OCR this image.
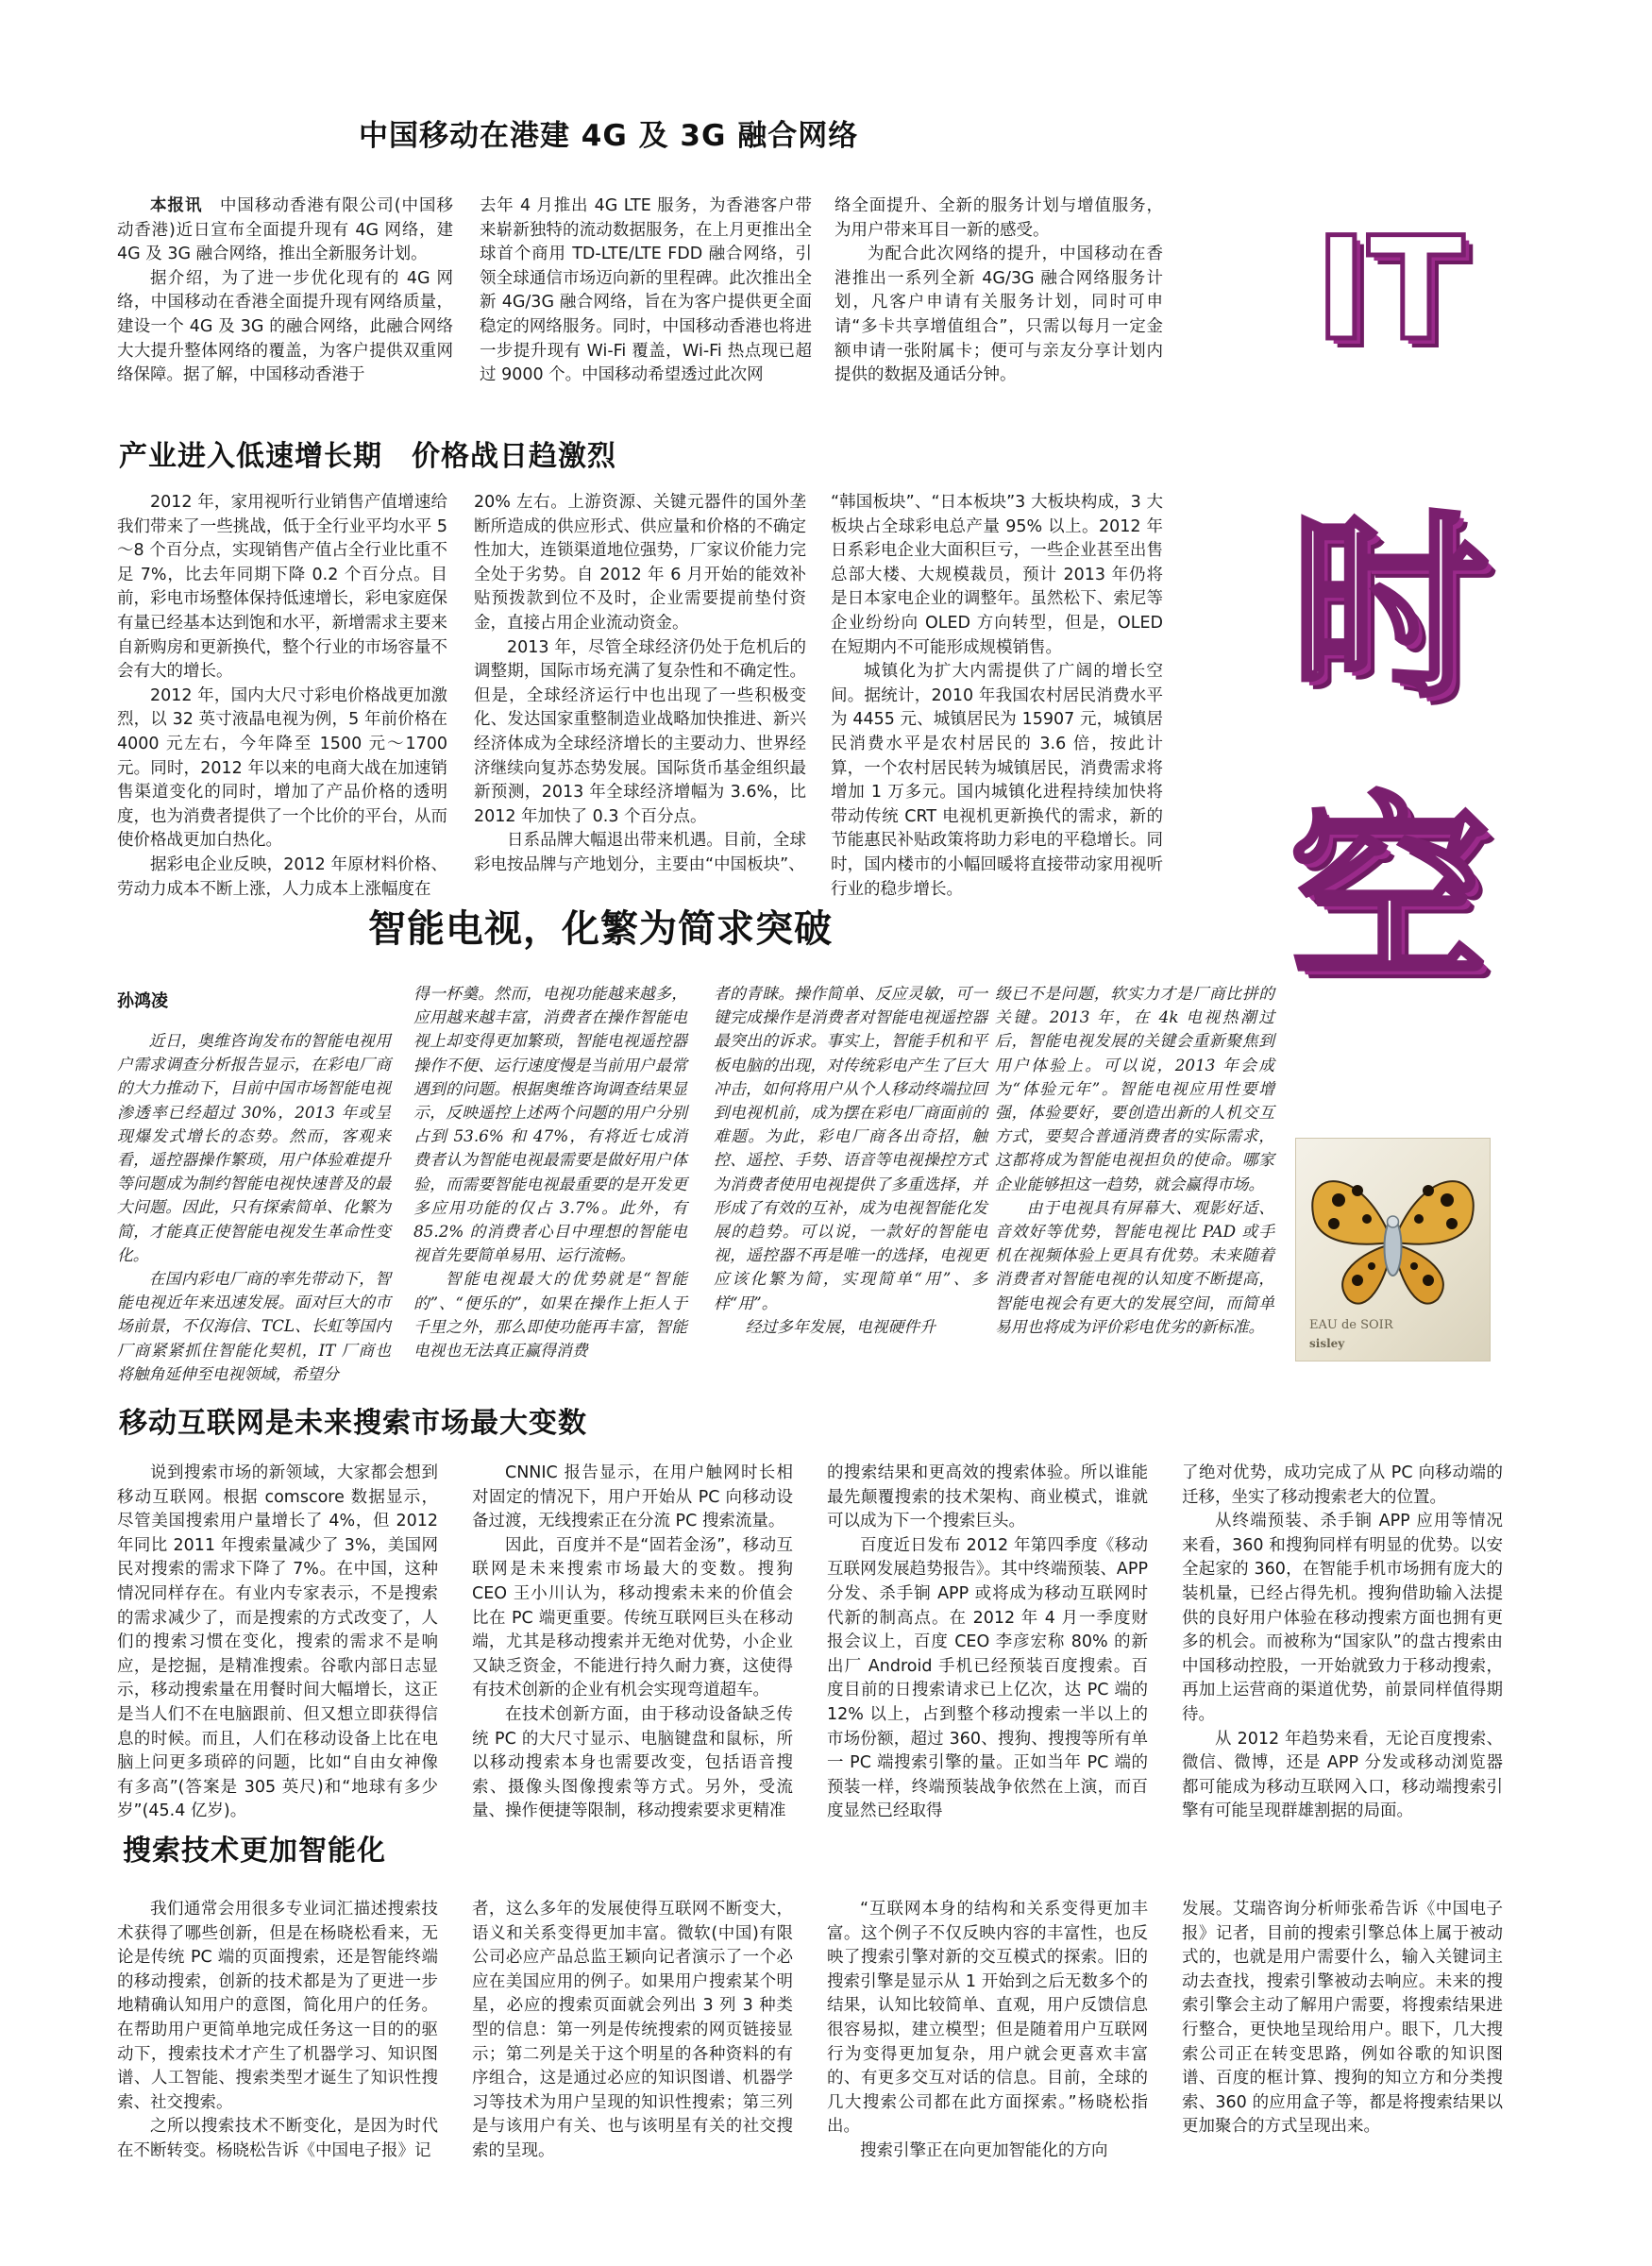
中国移动在港建 4G 及 3G 融合网络

本报讯　 中国移动香港有限公司(中国移动香港)近日宣布全面提升现有 4G 网络，建 4G 及 3G 融合网络，推出全新服务计划。

据介绍，为了进一步优化现有的 4G 网络，中国移动在香港全面提升现有网络质量，建设一个 4G 及 3G 的融合网络，此融合网络大大提升整体网络的覆盖，为客户提供双重网络保障。据了解，中国移动香港于

去年 4 月推出 4G LTE 服务，为香港客户带来崭新独特的流动数据服务，在上月更推出全球首个商用 TD-LTE/LTE FDD 融合网络，引领全球通信市场迈向新的里程碑。此次推出全新 4G/3G 融合网络，旨在为客户提供更全面稳定的网络服务。同时，中国移动香港也将进一步提升现有 Wi-Fi 覆盖，Wi-Fi 热点现已超过 9000 个。中国移动希望透过此次网

络全面提升、全新的服务计划与增值服务，为用户带来耳目一新的感受。

为配合此次网络的提升，中国移动在香港推出一系列全新 4G/3G 融合网络服务计划，凡客户申请有关服务计划，同时可申请“多卡共享增值组合”，只需以每月一定金额申请一张附属卡；便可与亲友分享计划内提供的数据及通话分钟。

IT
时
空
产业进入低速增长期　价格战日趋激烈

2012 年，家用视听行业销售产值增速给我们带来了一些挑战，低于全行业平均水平 5～8 个百分点，实现销售产值占全行业比重不足 7%，比去年同期下降 0.2 个百分点。目前，彩电市场整体保持低速增长，彩电家庭保有量已经基本达到饱和水平，新增需求主要来自新购房和更新换代，整个行业的市场容量不会有大的增长。

2012 年，国内大尺寸彩电价格战更加激烈，以 32 英寸液晶电视为例，5 年前价格在 4000 元左右，今年降至 1500 元～1700 元。同时，2012 年以来的电商大战在加速销售渠道变化的同时，增加了产品价格的透明度，也为消费者提供了一个比价的平台，从而使价格战更加白热化。

据彩电企业反映，2012 年原材料价格、劳动力成本不断上涨，人力成本上涨幅度在

20% 左右。上游资源、关键元器件的国外垄断所造成的供应形式、供应量和价格的不确定性加大，连锁渠道地位强势，厂家议价能力完全处于劣势。自 2012 年 6 月开始的能效补贴预拨款到位不及时，企业需要提前垫付资金，直接占用企业流动资金。

2013 年，尽管全球经济仍处于危机后的调整期，国际市场充满了复杂性和不确定性。但是，全球经济运行中也出现了一些积极变化、发达国家重整制造业战略加快推进、新兴经济体成为全球经济增长的主要动力、世界经济继续向复苏态势发展。国际货币基金组织最新预测，2013 年全球经济增幅为 3.6%，比 2012 年加快了 0.3 个百分点。

日系品牌大幅退出带来机遇。目前，全球彩电按品牌与产地划分，主要由“中国板块”、

“韩国板块”、“日本板块”3 大板块构成，3 大板块占全球彩电总产量 95% 以上。2012 年日系彩电企业大面积巨亏，一些企业甚至出售总部大楼、大规模裁员，预计 2013 年仍将是日本家电企业的调整年。虽然松下、索尼等企业纷纷向 OLED 方向转型，但是，OLED 在短期内不可能形成规模销售。

城镇化为扩大内需提供了广阔的增长空间。据统计，2010 年我国农村居民消费水平为 4455 元、城镇居民为 15907 元，城镇居民消费水平是农村居民的 3.6 倍，按此计算，一个农村居民转为城镇居民，消费需求将增加 1 万多元。国内城镇化进程持续加快将带动传统 CRT 电视机更新换代的需求，新的节能惠民补贴政策将助力彩电的平稳增长。同时，国内楼市的小幅回暖将直接带动家用视听行业的稳步增长。

智能电视，化繁为简求突破
孙鸿凌

近日，奥维咨询发布的智能电视用户需求调查分析报告显示，在彩电厂商的大力推动下，目前中国市场智能电视渗透率已经超过 30%，2013 年或呈现爆发式增长的态势。然而，客观来看，遥控器操作繁琐，用户体验难提升等问题成为制约智能电视快速普及的最大问题。因此，只有探索简单、化繁为简，才能真正使智能电视发生革命性变化。

在国内彩电厂商的率先带动下，智能电视近年来迅速发展。面对巨大的市场前景，不仅海信、TCL、长虹等国内厂商紧紧抓住智能化契机，IT 厂商也将触角延伸至电视领域，希望分

得一杯羹。然而，电视功能越来越多，应用越来越丰富，消费者在操作智能电视上却变得更加繁琐，智能电视遥控器操作不便、运行速度慢是当前用户最常遇到的问题。根据奥维咨询调查结果显示，反映遥控上述两个问题的用户分别占到 53.6% 和 47%，有将近七成消费者认为智能电视最需要是做好用户体验，而需要智能电视最重要的是开发更多应用功能的仅占 3.7%。此外，有 85.2% 的消费者心目中理想的智能电视首先要简单易用、运行流畅。

智能电视最大的优势就是“智能的”、“便乐的”，如果在操作上拒人于千里之外，那么即使功能再丰富，智能电视也无法真正赢得消费

者的青睐。操作简单、反应灵敏，可一键完成操作是消费者对智能电视遥控器最突出的诉求。事实上，智能手机和平板电脑的出现，对传统彩电产生了巨大冲击，如何将用户从个人移动终端拉回到电视机前，成为摆在彩电厂商面前的难题。为此，彩电厂商各出奇招，触控、遥控、手势、语音等电视操控方式为消费者使用电视提供了多重选择，并形成了有效的互补，成为电视智能化发展的趋势。可以说，一款好的智能电视，遥控器不再是唯一的选择，电视更应该化繁为简，实现简单“用”、多样“用”。

经过多年发展，电视硬件升

级已不是问题，软实力才是厂商比拼的关键。2013 年，在 4k 电视热潮过后，智能电视发展的关键会重新聚焦到用户体验上。可以说，2013 年会成为“体验元年”。智能电视应用性要增强，体验要好，要创造出新的人机交互方式，要契合普通消费者的实际需求，这都将成为智能电视担负的使命。哪家企业能够担这一趋势，就会赢得市场。

由于电视具有屏幕大、观影好适、音效好等优势，智能电视比 PAD 或手机在视频体验上更具有优势。未来随着消费者对智能电视的认知度不断提高，智能电视会有更大的发展空间，而简单易用也将成为评价彩电优劣的新标准。	EAU de SOIR
sisley
移动互联网是未来搜索市场最大变数

说到搜索市场的新领域，大家都会想到移动互联网。根据 comscore 数据显示，尽管美国搜索用户量增长了 4%，但 2012 年同比 2011 年搜索量减少了 3%，美国网民对搜索的需求下降了 7%。在中国，这种情况同样存在。有业内专家表示，不是搜索的需求减少了，而是搜索的方式改变了，人们的搜索习惯在变化，搜索的需求不是响应，是挖掘，是精准搜索。谷歌内部日志显示，移动搜索量在用餐时间大幅增长，这正是当人们不在电脑跟前、但又想立即获得信息的时候。而且，人们在移动设备上比在电脑上问更多琐碎的问题，比如“自由女神像有多高”(答案是 305 英尺)和“地球有多少岁”(45.4 亿岁)。

CNNIC 报告显示，在用户触网时长相对固定的情况下，用户开始从 PC 向移动设备过渡，无线搜索正在分流 PC 搜索流量。

因此，百度并不是“固若金汤”，移动互联网是未来搜索市场最大的变数。搜狗 CEO 王小川认为，移动搜索未来的价值会比在 PC 端更重要。传统互联网巨头在移动端，尤其是移动搜索并无绝对优势，小企业又缺乏资金，不能进行持久耐力赛，这使得有技术创新的企业有机会实现弯道超车。

在技术创新方面，由于移动设备缺乏传统 PC 的大尺寸显示、电脑键盘和鼠标，所以移动搜索本身也需要改变，包括语音搜索、摄像头图像搜索等方式。另外，受流量、操作便捷等限制，移动搜索要求更精准

的搜索结果和更高效的搜索体验。所以谁能最先颠覆搜索的技术架构、商业模式，谁就可以成为下一个搜索巨头。

百度近日发布 2012 年第四季度《移动互联网发展趋势报告》。其中终端预装、APP 分发、杀手锏 APP 或将成为移动互联网时代新的制高点。在 2012 年 4 月一季度财报会议上，百度 CEO 李彦宏称 80% 的新出厂 Android 手机已经预装百度搜索。百度目前的日搜索请求已上亿次，达 PC 端的 12% 以上，占到整个移动搜索一半以上的市场份额，超过 360、搜狗、搜搜等所有单一 PC 端搜索引擎的量。正如当年 PC 端的预装一样，终端预装战争依然在上演，而百度显然已经取得

了绝对优势，成功完成了从 PC 向移动端的迁移，坐实了移动搜索老大的位置。

从终端预装、杀手锏 APP 应用等情况来看，360 和搜狗同样有明显的优势。以安全起家的 360，在智能手机市场拥有庞大的装机量，已经占得先机。搜狗借助输入法提供的良好用户体验在移动搜索方面也拥有更多的机会。而被称为“国家队”的盘古搜索由中国移动控股，一开始就致力于移动搜索，再加上运营商的渠道优势，前景同样值得期待。

从 2012 年趋势来看，无论百度搜索、微信、微博，还是 APP 分发或移动浏览器都可能成为移动互联网入口，移动端搜索引擎有可能呈现群雄割据的局面。

搜索技术更加智能化

我们通常会用很多专业词汇描述搜索技术获得了哪些创新，但是在杨晓松看来，无论是传统 PC 端的页面搜索，还是智能终端的移动搜索，创新的技术都是为了更进一步地精确认知用户的意图，简化用户的任务。在帮助用户更简单地完成任务这一目的的驱动下，搜索技术才产生了机器学习、知识图谱、人工智能、搜索类型才诞生了知识性搜索、社交搜索。

之所以搜索技术不断变化，是因为时代在不断转变。杨晓松告诉《中国电子报》记

者，这么多年的发展使得互联网不断变大，语义和关系变得更加丰富。微软(中国)有限公司必应产品总监王颖向记者演示了一个必应在美国应用的例子。如果用户搜索某个明星，必应的搜索页面就会列出 3 列 3 种类型的信息：第一列是传统搜索的网页链接显示；第二列是关于这个明星的各种资料的有序组合，这是通过必应的知识图谱、机器学习等技术为用户呈现的知识性搜索；第三列是与该用户有关、也与该明星有关的社交搜索的呈现。

“互联网本身的结构和关系变得更加丰富。这个例子不仅反映内容的丰富性，也反映了搜索引擎对新的交互模式的探索。旧的搜索引擎是显示从 1 开始到之后无数多个的结果，认知比较简单、直观，用户反馈信息很容易拟，建立模型；但是随着用户互联网行为变得更加复杂，用户就会更喜欢丰富的、有更多交互对话的信息。目前，全球的几大搜索公司都在此方面探索。”杨晓松指出。

搜索引擎正在向更加智能化的方向

发展。艾瑞咨询分析师张希告诉《中国电子报》记者，目前的搜索引擎总体上属于被动式的，也就是用户需要什么，输入关键词主动去查找，搜索引擎被动去响应。未来的搜索引擎会主动了解用户需要，将搜索结果进行整合，更快地呈现给用户。眼下，几大搜索公司正在转变思路，例如谷歌的知识图谱、百度的框计算、搜狗的知立方和分类搜索、360 的应用盒子等，都是将搜索结果以更加聚合的方式呈现出来。
